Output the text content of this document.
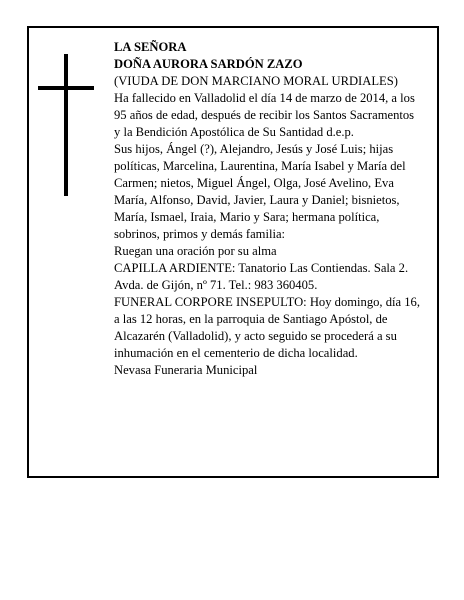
LA SEÑORA

DOÑA AURORA SARDÓN ZAZO

(VIUDA DE DON MARCIANO MORAL URDIALES)

Ha fallecido en Valladolid el día 14 de marzo de 2014, a los 95 años de edad, después de recibir los Santos Sacramentos y la Bendición Apostólica de Su Santidad d.e.p.

Sus hijos, Ángel (?), Alejandro, Jesús y José Luis; hijas políticas, Marcelina, Laurentina, María Isabel y María del Carmen; nietos, Miguel Ángel, Olga, José Avelino, Eva María, Alfonso, David, Javier, Laura y Daniel; bisnietos, María, Ismael, Iraia, Mario y Sara; hermana política, sobrinos, primos y demás familia:

Ruegan una oración por su alma

CAPILLA ARDIENTE: Tanatorio Las Contiendas. Sala 2. Avda. de Gijón, nº 71. Tel.: 983 360405.

FUNERAL CORPORE INSEPULTO: Hoy domingo, día 16, a las 12 horas, en la parroquia de Santiago Apóstol, de Alcazarén (Valladolid), y acto seguido se procederá a su inhumación en el cementerio de dicha localidad.

Nevasa Funeraria Municipal
